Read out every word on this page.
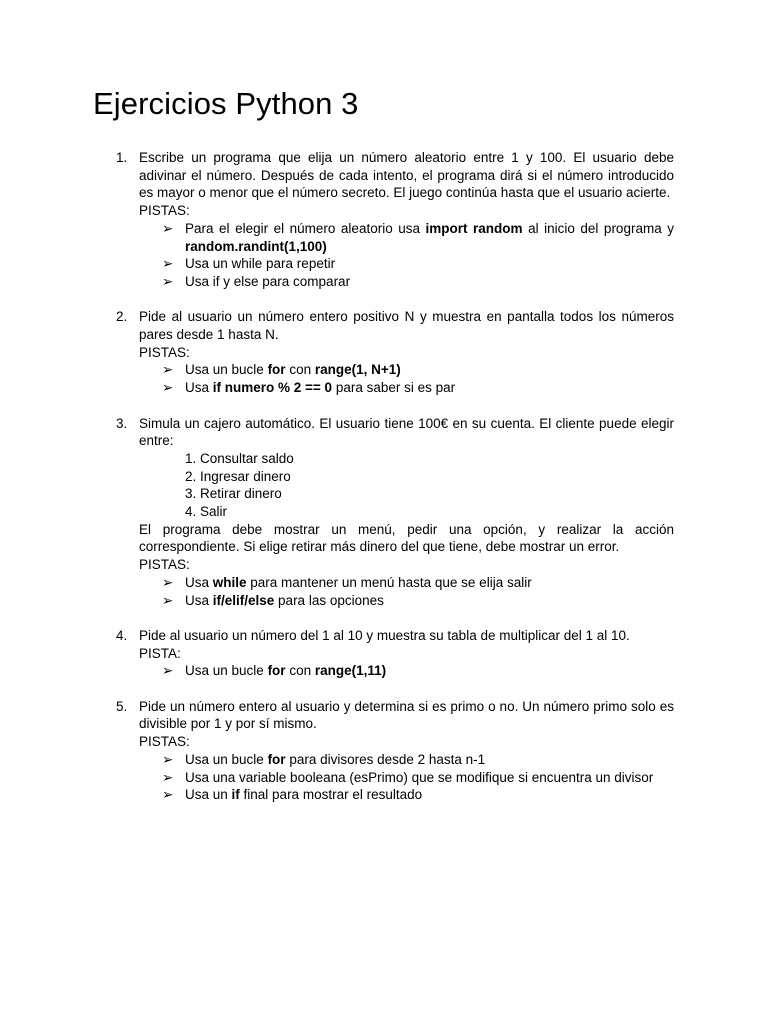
Ejercicios Python 3
1. Escribe un programa que elija un número aleatorio entre 1 y 100. El usuario debe adivinar el número. Después de cada intento, el programa dirá si el número introducido es mayor o menor que el número secreto. El juego continúa hasta que el usuario acierte.
PISTAS:
➢ Para el elegir el número aleatorio usa import random al inicio del programa y random.randint(1,100)
➢ Usa un while para repetir
➢ Usa if y else para comparar
2. Pide al usuario un número entero positivo N y muestra en pantalla todos los números pares desde 1 hasta N.
PISTAS:
➢ Usa un bucle for con range(1, N+1)
➢ Usa if numero % 2 == 0 para saber si es par
3. Simula un cajero automático. El usuario tiene 100€ en su cuenta. El cliente puede elegir entre:
1. Consultar saldo
2. Ingresar dinero
3. Retirar dinero
4. Salir
El programa debe mostrar un menú, pedir una opción, y realizar la acción correspondiente. Si elige retirar más dinero del que tiene, debe mostrar un error.
PISTAS:
➢ Usa while para mantener un menú hasta que se elija salir
➢ Usa if/elif/else para las opciones
4. Pide al usuario un número del 1 al 10 y muestra su tabla de multiplicar del 1 al 10.
PISTA:
➢ Usa un bucle for con range(1,11)
5. Pide un número entero al usuario y determina si es primo o no. Un número primo solo es divisible por 1 y por sí mismo.
PISTAS:
➢ Usa un bucle for para divisores desde 2 hasta n-1
➢ Usa una variable booleana (esPrimo) que se modifique si encuentra un divisor
➢ Usa un if final para mostrar el resultado
